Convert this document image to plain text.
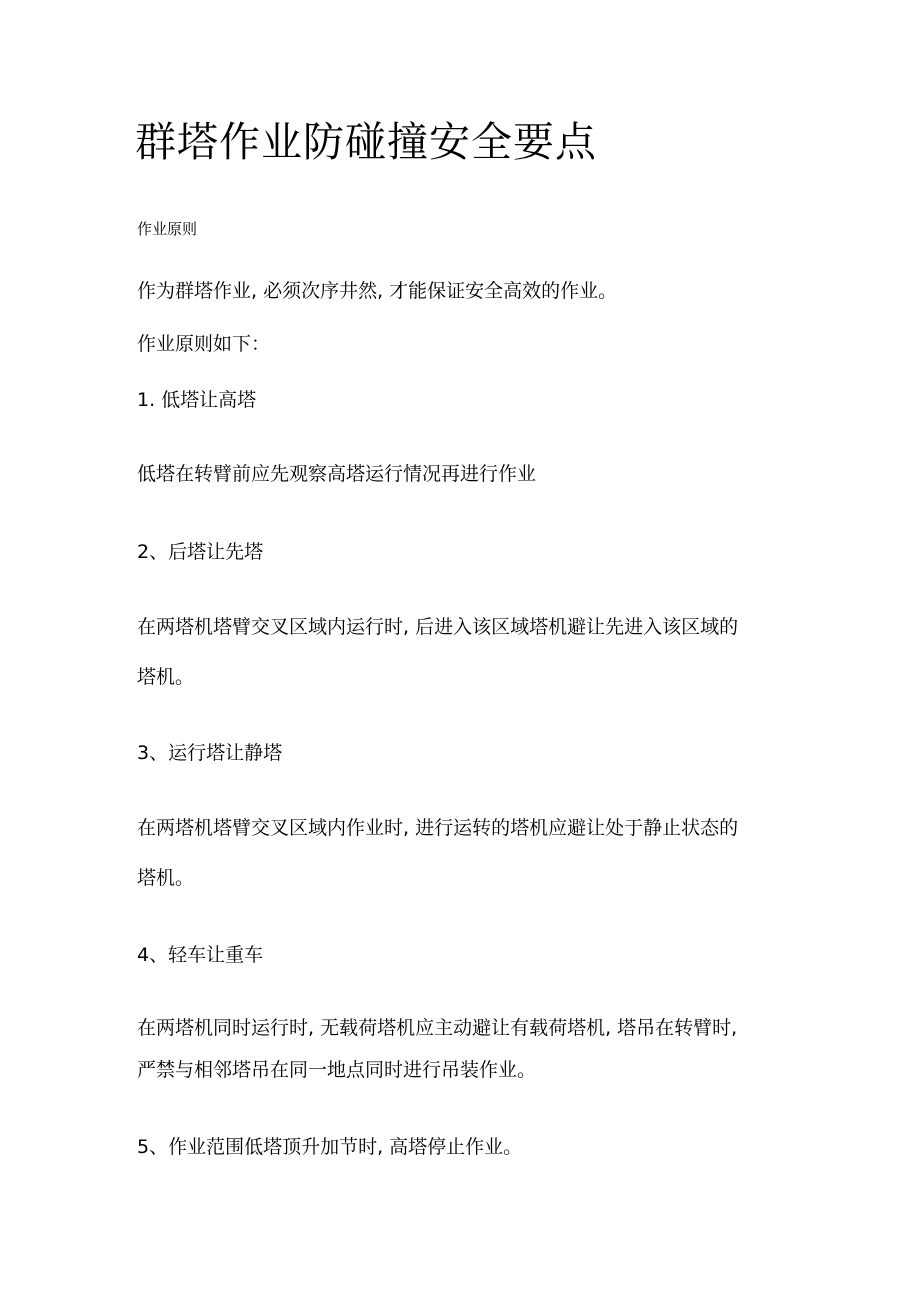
群塔作业防碰撞安全要点
作业原则
作为群塔作业, 必须次序井然, 才能保证安全高效的作业。
作业原则如下：
1. 低塔让高塔
低塔在转臂前应先观察高塔运行情况再进行作业
2、后塔让先塔
在两塔机塔臂交叉区域内运行时, 后进入该区域塔机避让先进入该区域的
塔机。
3、运行塔让静塔
在两塔机塔臂交叉区域内作业时, 进行运转的塔机应避让处于静止状态的
塔机。
4、轻车让重车
在两塔机同时运行时, 无载荷塔机应主动避让有载荷塔机, 塔吊在转臂时,
严禁与相邻塔吊在同一地点同时进行吊装作业。
5、作业范围低塔顶升加节时, 高塔停止作业。
